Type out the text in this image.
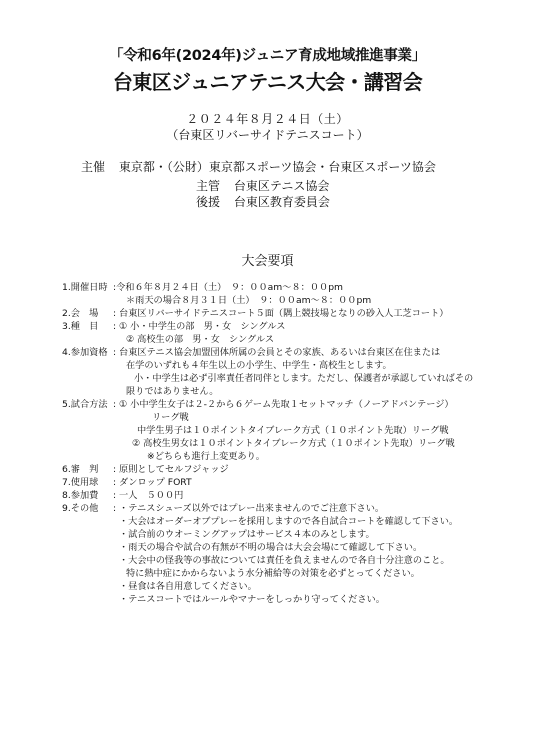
「令和6年(2024年)ジュニア育成地域推進事業」
台東区ジュニアテニス大会・講習会
２０２４年８月２４日（土）
（台東区リバーサイドテニスコート）
主催 東京都・（公財）東京都スポーツ協会・台東区スポーツ協会
主管 台東区テニス協会
後援 台東区教育委員会
大会要項
1.開催日時 :令和６年８月２４日（土）　９：００am～８：００pm
＊雨天の場合８月３１日（土）　９：００am～８：００pm
2.会　場 : 台東区リバーサイドテニスコート５面（隅上競技場となりの砂入人工芝コート）
3.種　目 : ① 小・中学生の部　男・女　シングルス
② 高校生の部　男・女　シングルス
4.参加資格 : 台東区テニス協会加盟団体所属の会員とその家族、あるいは台東区在住または
在学のいずれも４年生以上の小学生、中学生・高校生とします。
小・中学生は必ず引率責任者同伴とします。ただし、保護者が承認していればその
限りではありません。
5.試合方法 : ① 小中学生女子は２-２から６ゲーム先取１セットマッチ（ノーアドバンテージ）
リーグ戦
中学生男子は１０ポイントタイブレーク方式（１０ポイント先取）リーグ戦
② 高校生男女は１０ポイントタイブレーク方式（１０ポイント先取）リーグ戦
※どちらも進行上変更あり。
6.審　判 : 原則としてセルフジャッジ
7.使用球 : ダンロップ FORT
8.参加費 : 一人　５００円
9.その他 : ・テニスシューズ以外ではプレー出来ませんのでご注意下さい。
・大会はオーダーオブプレーを採用しますので各自試合コートを確認して下さい。
・試合前のウオーミングアップはサービス４本のみとします。
・雨天の場合や試合の有無が不明の場合は大会会場にて確認して下さい。
・大会中の怪我等の事故については責任を負えませんので各自十分注意のこと。
特に熱中症にかからないよう水分補給等の対策を必ずとってください。
・昼食は各自用意してください。
・テニスコートではルールやマナーをしっかり守ってください。
